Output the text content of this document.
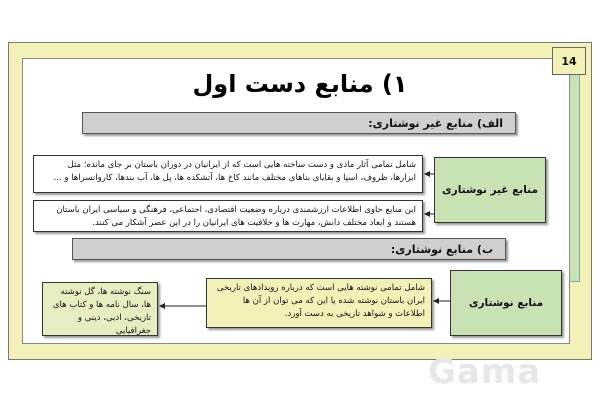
14
۱) منابع دست اول
الف) منابع غیر نوشتاری:
شامل تمامی آثار مادی و دست ساخته هایی است که از ایرانیان در دوران باستان بر جای مانده؛ مثل ابزارها، ظروف، اسپا و بقایای بناهای مختلف مانند کاخ ها، آتشکده ها، پل ها، آب بندها، کاروانسراها و ...
این منابع حاوی اطلاعات ارزشمندی درباره وضعیت اقتصادی، اجتماعی، فرهنگی و سیاسی ایران باستان هستند و ابعاد مختلف دانش، مهارت ها و خلاقیت های ایرانیان را در این عصر آشکار می کنند.
منابع غیر نوشتاری
ب) منابع نوشتاری:
منابع نوشتاری
شامل تمامی نوشته هایی است که درباره رویدادهای تاریخی ایران باستان نوشته شده یا این که می توان از آن ها اطلاعات و شواهد تاریخی به دست آورد.
سنگ نوشته ها، گل نوشته ها، سال نامه ها و کتاب های تاریخی، ادبی، دینی و جغرافیایی
Gama
